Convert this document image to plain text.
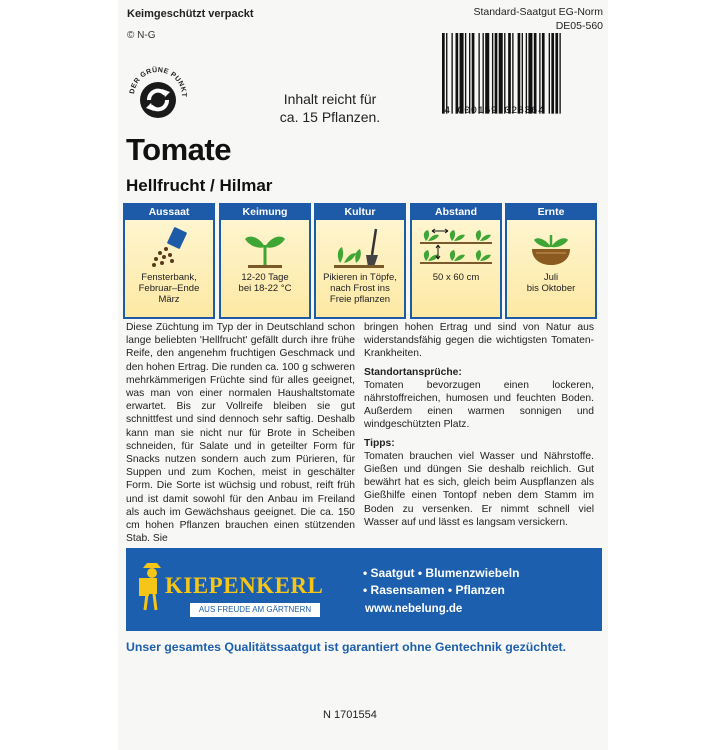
Keimgeschützt verpackt
© N-G
Standard-Saatgut EG-Norm
DE05-560
DER GRÜNE PUNKT
4 000159 028364
Inhalt reicht für
ca. 15 Pflanzen.
Tomate
Hellfrucht / Hilmar
Aussaat
Fensterbank,
Februar–Ende
März
Keimung
12-20 Tage
bei 18-22 °C
Kultur
Pikieren in Töpfe,
nach Frost ins
Freie pflanzen
Abstand
50 x 60 cm
Ernte
Juli
bis Oktober
Diese Züchtung im Typ der in Deutschland schon lange beliebten 'Hellfrucht' gefällt durch ihre frühe Reife, den angenehm fruchtigen Geschmack und den hohen Ertrag. Die runden ca. 100 g schweren mehrkämmerigen Früchte sind für alles geeignet, was man von einer normalen Haushaltstomate erwartet. Bis zur Vollreife bleiben sie gut schnittfest und sind dennoch sehr saftig. Deshalb kann man sie nicht nur für Brote in Scheiben schneiden, für Salate und in geteilter Form für Snacks nutzen sondern auch zum Pürieren, für Suppen und zum Kochen, meist in geschälter Form. Die Sorte ist wüchsig und robust, reift früh und ist damit sowohl für den Anbau im Freiland als auch im Gewächshaus geeignet. Die ca. 150 cm hohen Pflanzen brauchen einen stützenden Stab. Sie

bringen hohen Ertrag und sind von Natur aus widerstandsfähig gegen die wichtigsten Tomaten-Krankheiten.

Standortansprüche:

Tomaten bevorzugen einen lockeren, nährstoffreichen, humosen und feuchten Boden. Außerdem einen warmen sonnigen und windgeschützten Platz.

Tipps:

Tomaten brauchen viel Wasser und Nährstoffe. Gießen und düngen Sie deshalb reichlich. Gut bewährt hat es sich, gleich beim Auspflanzen als Gießhilfe einen Tontopf neben dem Stamm im Boden zu versenken. Er nimmt schnell viel Wasser auf und lässt es langsam versickern.

KIEPENKERL
AUS FREUDE AM GÄRTNERN
• Saatgut • Blumenzwiebeln
• Rasensamen • Pflanzen
www.nebelung.de
Unser gesamtes Qualitätssaatgut ist garantiert ohne Gentechnik gezüchtet.
N 1701554
